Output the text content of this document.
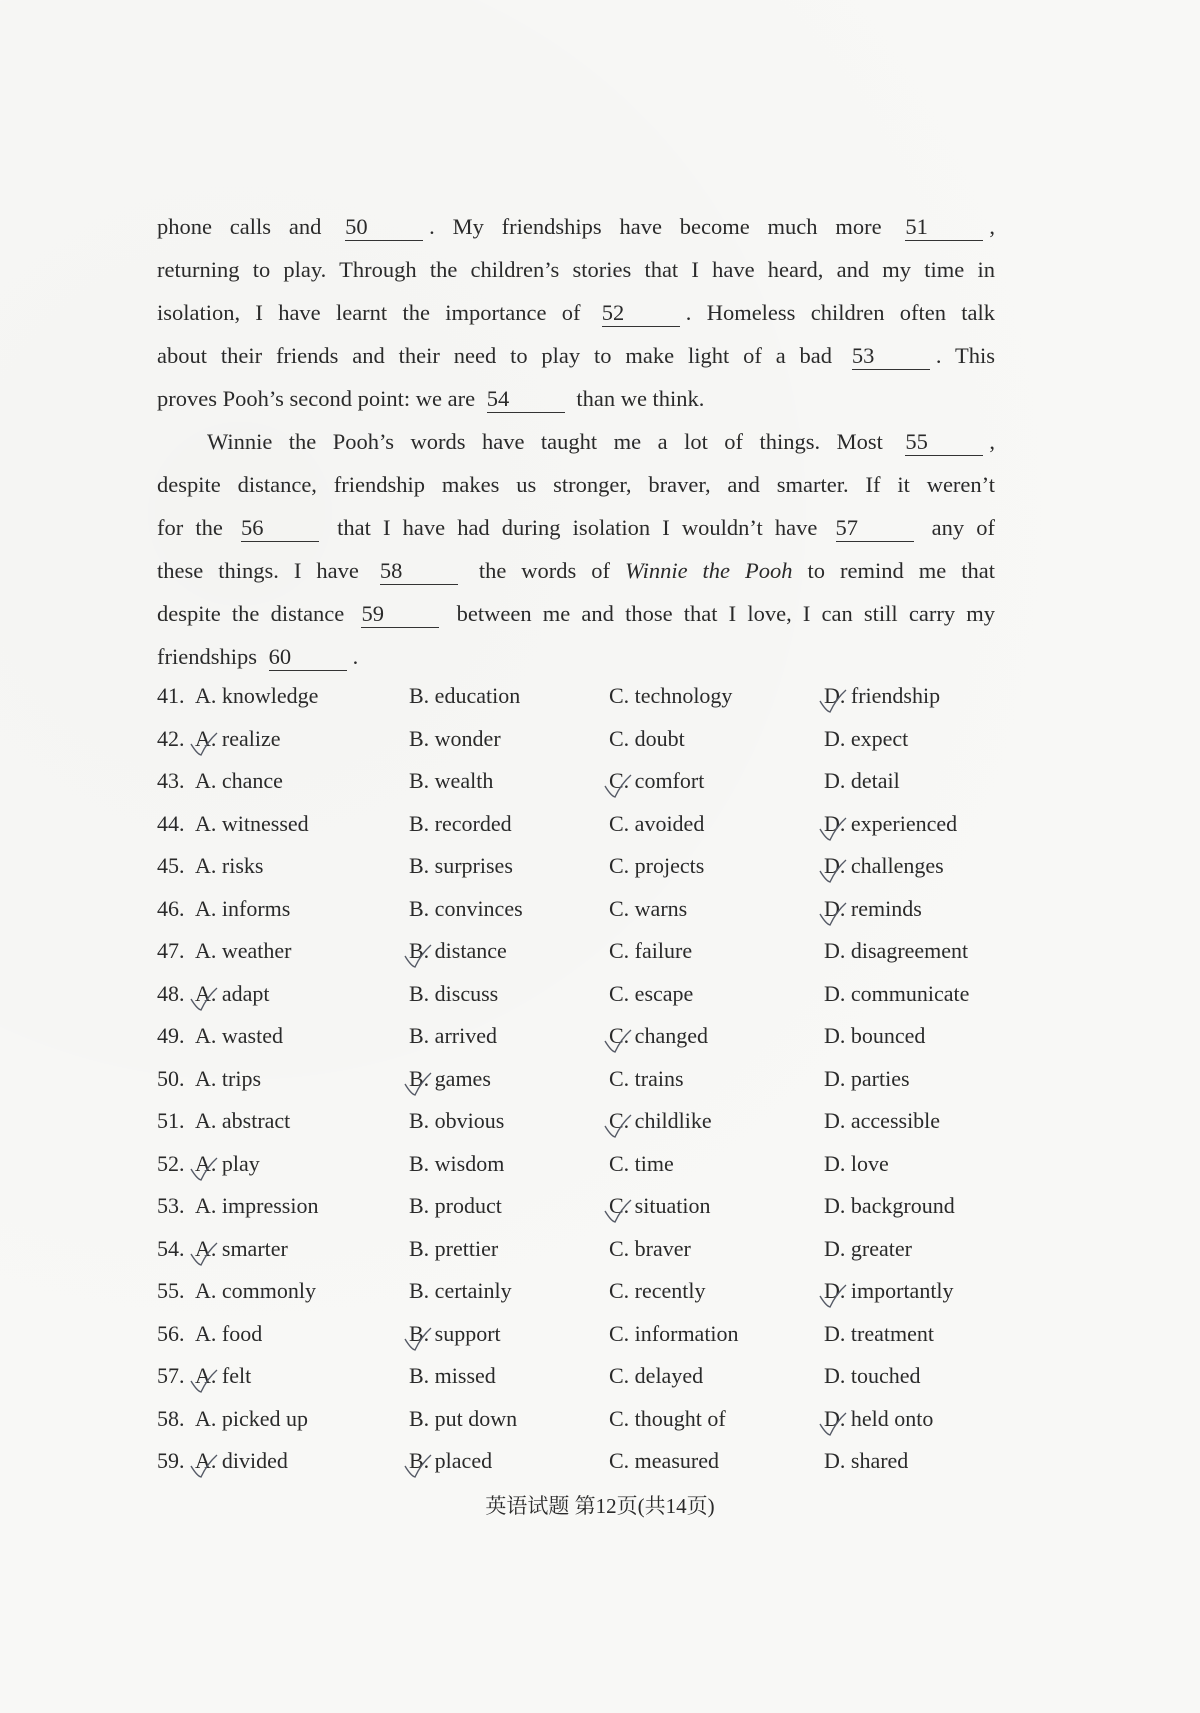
phone calls and 50	. My friendships have become much more 51	,
returning to play. Through the children’s stories that I have heard, and my time in
isolation, I have learnt the importance of 52	. Homeless children often talk
about their friends and their need to play to make light of a bad 53	. This
proves Pooh’s second point: we are 54	than we think.
Winnie the Pooh’s words have taught me a lot of things. Most 55	,
despite distance, friendship makes us stronger, braver, and smarter. If it weren’t
for the 56	that I have had during isolation I wouldn’t have 57	any of
these things. I have 58	the words of Winnie the Pooh to remind me that
despite the distance 59	between me and those that I love, I can still carry my
friendships 60	.
41. A. knowledge	B. education	C. technology	D. friendship
42. A. realize	B. wonder	C. doubt	D. expect
43. A. chance	B. wealth	C. comfort	D. detail
44. A. witnessed	B. recorded	C. avoided	D. experienced
45. A. risks	B. surprises	C. projects	D. challenges
46. A. informs	B. convinces	C. warns	D. reminds
47. A. weather	B. distance	C. failure	D. disagreement
48. A. adapt	B. discuss	C. escape	D. communicate
49. A. wasted	B. arrived	C. changed	D. bounced
50. A. trips	B. games	C. trains	D. parties
51. A. abstract	B. obvious	C. childlike	D. accessible
52. A. play	B. wisdom	C. time	D. love
53. A. impression	B. product	C. situation	D. background
54. A. smarter	B. prettier	C. braver	D. greater
55. A. commonly	B. certainly	C. recently	D. importantly
56. A. food	B. support	C. information	D. treatment
57. A. felt	B. missed	C. delayed	D. touched
58. A. picked up	B. put down	C. thought of	D. held onto
59. A. divided	B. placed	C. measured	D. shared
英语试题 第12页(共14页)
